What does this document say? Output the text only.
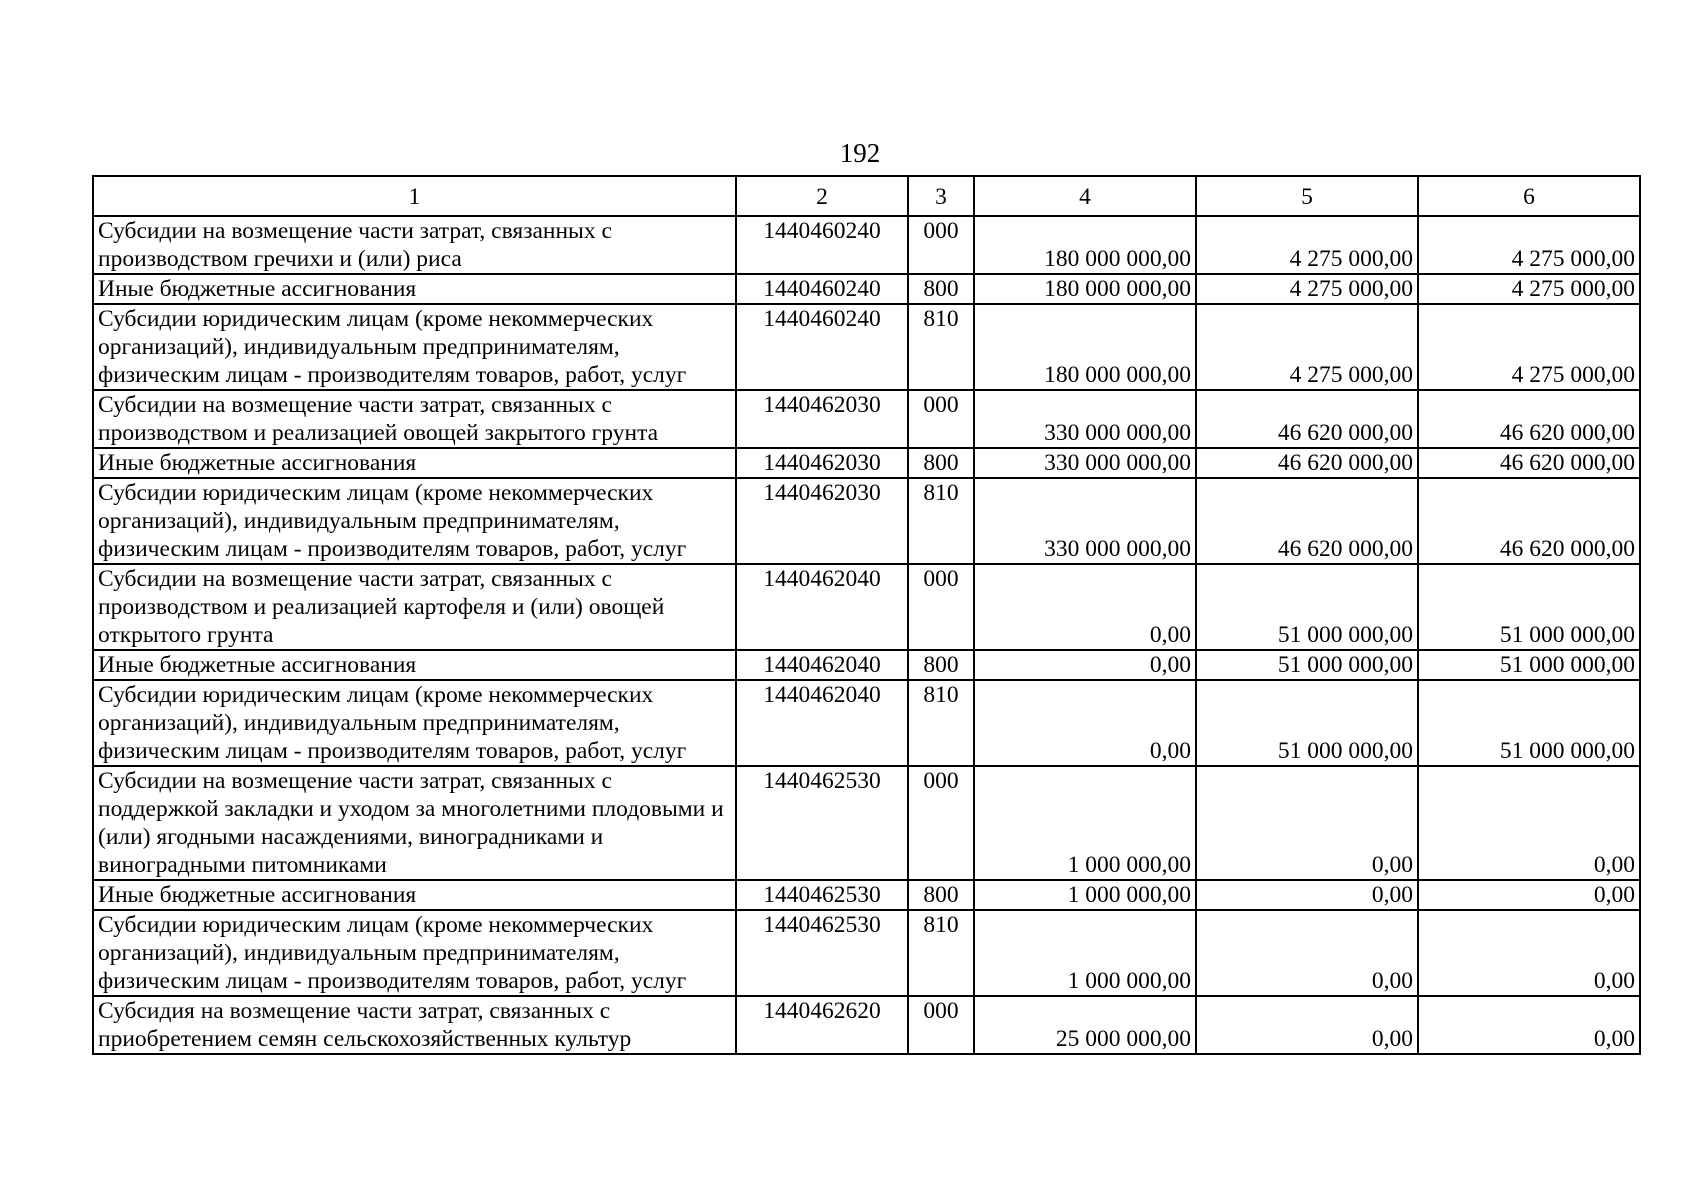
192
1	2	3	4	5	6
Субсидии на возмещение части затрат, связанных с производством гречихи и (или) риса	1440460240	000	180 000 000,00	4 275 000,00	4 275 000,00
Иные бюджетные ассигнования	1440460240	800	180 000 000,00	4 275 000,00	4 275 000,00
Субсидии юридическим лицам (кроме некоммерческих организаций), индивидуальным предпринимателям, физическим лицам - производителям товаров, работ, услуг	1440460240	810	180 000 000,00	4 275 000,00	4 275 000,00
Субсидии на возмещение части затрат, связанных с производством и реализацией овощей закрытого грунта	1440462030	000	330 000 000,00	46 620 000,00	46 620 000,00
Иные бюджетные ассигнования	1440462030	800	330 000 000,00	46 620 000,00	46 620 000,00
Субсидии юридическим лицам (кроме некоммерческих организаций), индивидуальным предпринимателям, физическим лицам - производителям товаров, работ, услуг	1440462030	810	330 000 000,00	46 620 000,00	46 620 000,00
Субсидии на возмещение части затрат, связанных с производством и реализацией картофеля и (или) овощей открытого грунта	1440462040	000	0,00	51 000 000,00	51 000 000,00
Иные бюджетные ассигнования	1440462040	800	0,00	51 000 000,00	51 000 000,00
Субсидии юридическим лицам (кроме некоммерческих организаций), индивидуальным предпринимателям, физическим лицам - производителям товаров, работ, услуг	1440462040	810	0,00	51 000 000,00	51 000 000,00
Субсидии на возмещение части затрат, связанных с поддержкой закладки и уходом за многолетними плодовыми и (или) ягодными насаждениями, виноградниками и виноградными питомниками	1440462530	000	1 000 000,00	0,00	0,00
Иные бюджетные ассигнования	1440462530	800	1 000 000,00	0,00	0,00
Субсидии юридическим лицам (кроме некоммерческих организаций), индивидуальным предпринимателям, физическим лицам - производителям товаров, работ, услуг	1440462530	810	1 000 000,00	0,00	0,00
Субсидия на возмещение части затрат, связанных с приобретением семян сельскохозяйственных культур	1440462620	000	25 000 000,00	0,00	0,00
